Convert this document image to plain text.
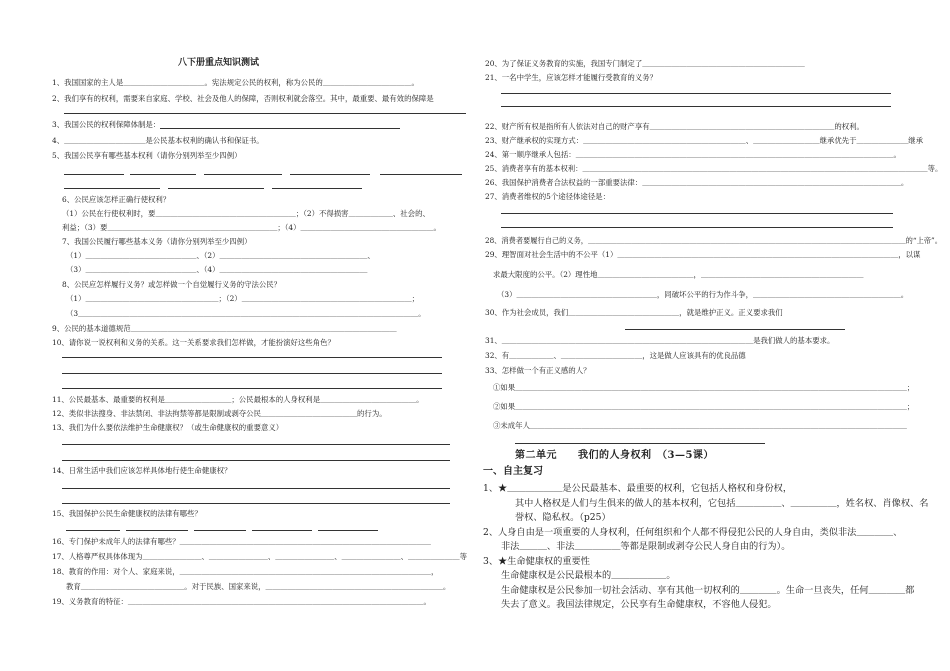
八下册重点知识测试
1、我国国家的主人是＿＿＿＿＿＿＿＿＿＿＿。宪法规定公民的权利，称为公民的＿＿＿＿＿＿＿＿＿＿＿＿。
2、我们享有的权利，需要来自家庭、学校、社会及他人的保障，否则权利就会落空。其中，最重要、最有效的保障是
3、我国公民的权利保障体制是：
4、＿＿＿＿＿＿＿＿＿＿＿是公民基本权利的确认书和保证书。
5、我国公民享有哪些基本权利（请你分别列举至少四例）
6、公民应该怎样正确行使权利？
（1）公民在行使权利时，要＿＿＿＿＿＿＿＿＿＿＿＿＿＿＿＿＿＿＿；（2）不得损害＿＿＿＿＿＿、社会的、
利益；（3）要＿＿＿＿＿＿＿＿＿＿＿＿＿＿＿＿＿＿＿＿＿＿＿；（4）＿＿＿＿＿＿＿＿＿＿＿＿＿＿＿＿＿＿。
7、我国公民履行哪些基本义务（请你分别列举至少四例）
（1）＿＿＿＿＿＿＿＿＿＿＿＿＿＿＿、（2）＿＿＿＿＿＿＿＿＿＿＿＿＿＿＿＿＿＿＿＿、
（3）＿＿＿＿＿＿＿＿＿＿＿＿＿＿＿、（4）＿＿＿＿＿＿＿＿＿＿＿＿＿＿＿＿＿＿＿＿
8、公民应怎样履行义务？或怎样做一个自觉履行义务的守法公民？
（1）＿＿＿＿＿＿＿＿＿＿＿＿＿＿＿＿＿＿；（2）＿＿＿＿＿＿＿＿＿＿＿＿＿＿＿＿＿＿＿＿＿＿＿；
（3＿＿＿＿＿＿＿＿＿＿＿＿＿＿＿＿＿＿＿＿＿＿＿＿＿＿＿＿＿＿＿＿＿＿＿＿＿＿＿＿＿＿＿＿＿＿。
9、公民的基本道德规范＿＿＿＿＿＿＿＿＿＿＿＿＿＿＿＿＿＿＿＿＿＿＿＿＿＿＿＿＿＿＿＿＿＿＿＿
10、请你说一说权利和义务的关系。这一关系要求我们怎样做，才能扮演好这些角色？
11、公民最基本、最重要的权利是＿＿＿＿＿＿＿＿＿；公民最根本的人身权利是＿＿＿＿＿＿＿＿＿＿＿＿＿。
12、类似非法搜身、非法禁闭、非法拘禁等都是限制或剥夺公民＿＿＿＿＿＿＿＿＿＿＿＿＿的行为。
13、我们为什么要依法维护生命健康权？（或生命健康权的重要意义）
14、日常生活中我们应该怎样具体地行使生命健康权？
15、我国保护公民生命健康权的法律有哪些？
16、专门保护未成年人的法律有哪些？＿＿＿＿＿＿＿＿＿＿＿＿＿＿＿＿＿＿＿＿＿＿＿＿＿＿＿＿＿＿＿＿＿＿
17、人格尊严权具体体现为＿＿＿＿＿＿＿＿、＿＿＿＿＿＿＿＿、＿＿＿＿＿＿＿＿、＿＿＿＿＿＿＿＿、＿＿＿＿＿＿＿等
18、教育的作用：对个人、家庭来说，＿＿＿＿＿＿＿＿＿＿＿＿＿＿＿＿＿＿＿＿＿＿＿＿＿＿＿＿＿＿＿＿＿＿，
教育＿＿＿＿＿＿＿＿＿＿＿＿＿＿。对于民族、国家来说，＿＿＿＿＿＿＿＿＿＿＿＿＿＿＿＿＿＿＿＿＿＿＿＿。
19、义务教育的特征：＿＿＿＿＿＿＿＿＿＿＿＿＿＿＿＿＿＿＿＿＿＿＿＿＿＿＿＿＿＿＿＿＿＿＿＿＿＿＿＿。
20、为了保证义务教育的实施，我国专门制定了＿＿＿＿＿＿＿＿＿＿＿＿＿＿＿＿＿＿＿＿＿＿
21、一名中学生，应该怎样才能履行受教育的义务？
22、财产所有权是指所有人依法对自己的财产享有＿＿＿＿＿＿＿＿＿＿＿＿＿＿＿＿＿＿＿＿＿＿＿＿＿的权利。
23、财产继承权的实现方式：＿＿＿＿＿＿＿＿＿＿＿＿＿＿＿＿＿＿＿＿＿＿、＿＿＿＿＿＿＿＿＿继承优先于＿＿＿＿＿＿＿继承
24、第一顺序继承人包括：＿＿＿＿＿＿＿＿＿＿＿＿＿＿＿＿＿＿＿＿＿＿＿＿＿＿＿＿＿＿＿＿＿＿＿＿＿＿＿＿＿＿＿。
25、消费者享有的基本权利：＿＿＿＿＿＿＿＿＿＿＿＿＿＿＿＿＿＿＿＿＿＿＿＿＿＿＿＿＿＿＿＿＿＿＿＿＿＿＿＿＿＿＿＿＿＿＿等。
26、我国保护消费者合法权益的一部重要法律：＿＿＿＿＿＿＿＿＿＿＿＿＿＿＿＿＿＿＿＿＿＿＿＿＿＿＿＿＿＿＿＿＿＿＿。
27、消费者维权的5个途径体途径是：
28、消费者要履行自己的义务，＿＿＿＿＿＿＿＿＿＿＿＿＿＿＿＿＿＿＿＿＿＿＿＿＿＿＿＿＿＿＿＿＿＿＿＿＿＿＿＿＿＿＿＿的“上帝”。
29、理智面对社会生活中的不公平（1）＿＿＿＿＿＿＿＿＿＿＿＿＿＿＿＿＿＿＿＿＿＿＿＿＿＿＿＿＿＿＿＿＿＿＿＿＿＿，以谋
求最大限度的公平。（2）理性地＿＿＿＿＿＿＿＿＿＿＿＿＿，＿＿＿＿＿＿＿＿＿＿＿＿＿＿＿＿＿＿＿＿＿＿
（3）＿＿＿＿＿＿＿＿＿＿＿＿＿＿＿＿＿＿＿，同破坏公平的行为作斗争，＿＿＿＿＿＿＿＿＿＿＿＿＿＿＿＿＿＿＿＿。
30、作为社会成员，我们＿＿＿＿＿＿＿＿＿＿＿＿＿＿＿，就是维护正义。正义要求我们
31、＿＿＿＿＿＿＿＿＿＿＿＿＿＿＿＿＿＿＿＿＿＿＿＿＿＿＿＿＿＿＿＿＿＿是我们做人的基本要求。
32、有＿＿＿＿＿＿、＿＿＿＿＿＿＿＿＿＿＿，这是做人应该具有的优良品德
33、怎样做一个有正义感的人？
①如果＿＿＿＿＿＿＿＿＿＿＿＿＿＿＿＿＿＿＿＿＿＿＿＿＿＿＿＿＿＿＿＿＿＿＿＿＿＿＿＿＿＿＿＿＿＿＿＿＿＿＿＿＿；
②如果＿＿＿＿＿＿＿＿＿＿＿＿＿＿＿＿＿＿＿＿＿＿＿＿＿＿＿＿＿＿＿＿＿＿＿＿＿＿＿＿＿＿＿＿＿＿＿＿＿＿＿＿＿；
③未成年人＿＿＿＿＿＿＿＿＿＿＿＿＿＿＿＿＿＿＿＿＿＿＿＿＿＿＿＿＿＿＿＿＿＿＿＿＿＿＿＿＿＿＿＿＿＿＿＿＿＿＿
第二单元　　我们的人身权利　（3—5课）
一、自主复习
1、★＿＿＿＿＿＿是公民最基本、最重要的权利，它包括人格权和身份权，
其中人格权是人们与生俱来的做人的基本权利，它包括＿＿＿＿＿、＿＿＿＿＿，姓名权、肖像权、名
誉权、隐私权。（p25）
2、人身自由是一项重要的人身权利，任何组织和个人都不得侵犯公民的人身自由，类似非法＿＿＿＿、
非法＿＿＿、非法＿＿＿＿＿等都是限制或剥夺公民人身自由的行为）。
3、★生命健康权的重要性
生命健康权是公民最根本的＿＿＿＿＿＿。
生命健康权是公民参加一切社会活动、享有其他一切权利的＿＿＿＿。生命一旦丧失，任何＿＿＿＿都
失去了意义。我国法律规定，公民享有生命健康权，不容他人侵犯。
